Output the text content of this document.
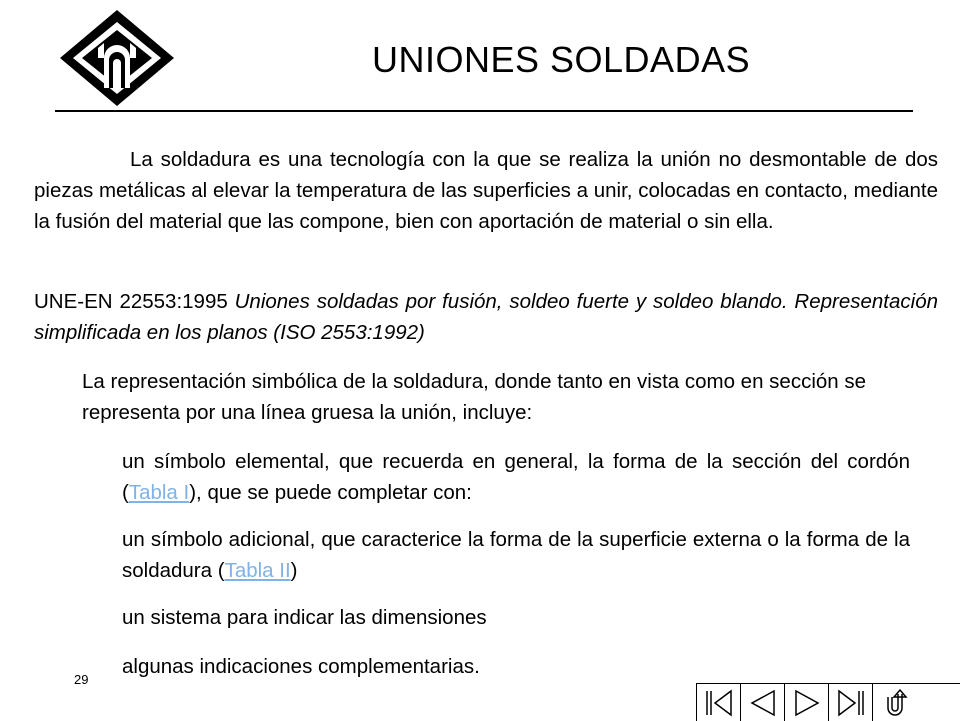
UNIONES SOLDADAS
La soldadura es una tecnología con la que se realiza la unión no desmontable de dos piezas metálicas al elevar la temperatura de las superficies a unir, colocadas en contacto, mediante la fusión del material que las compone, bien con aportación de material o sin ella.
UNE-EN 22553:1995 Uniones soldadas por fusión, soldeo fuerte y soldeo blando. Representación simplificada en los planos (ISO 2553:1992)
La representación simbólica de la soldadura, donde tanto en vista como en sección se representa por una línea gruesa la unión, incluye:
un símbolo elemental, que recuerda en general, la forma de la sección del cordón (Tabla I), que se puede completar con:
un símbolo adicional, que caracterice la forma de la superficie externa o la forma de la soldadura (Tabla II)
un sistema para indicar las dimensiones
algunas indicaciones complementarias.
29
